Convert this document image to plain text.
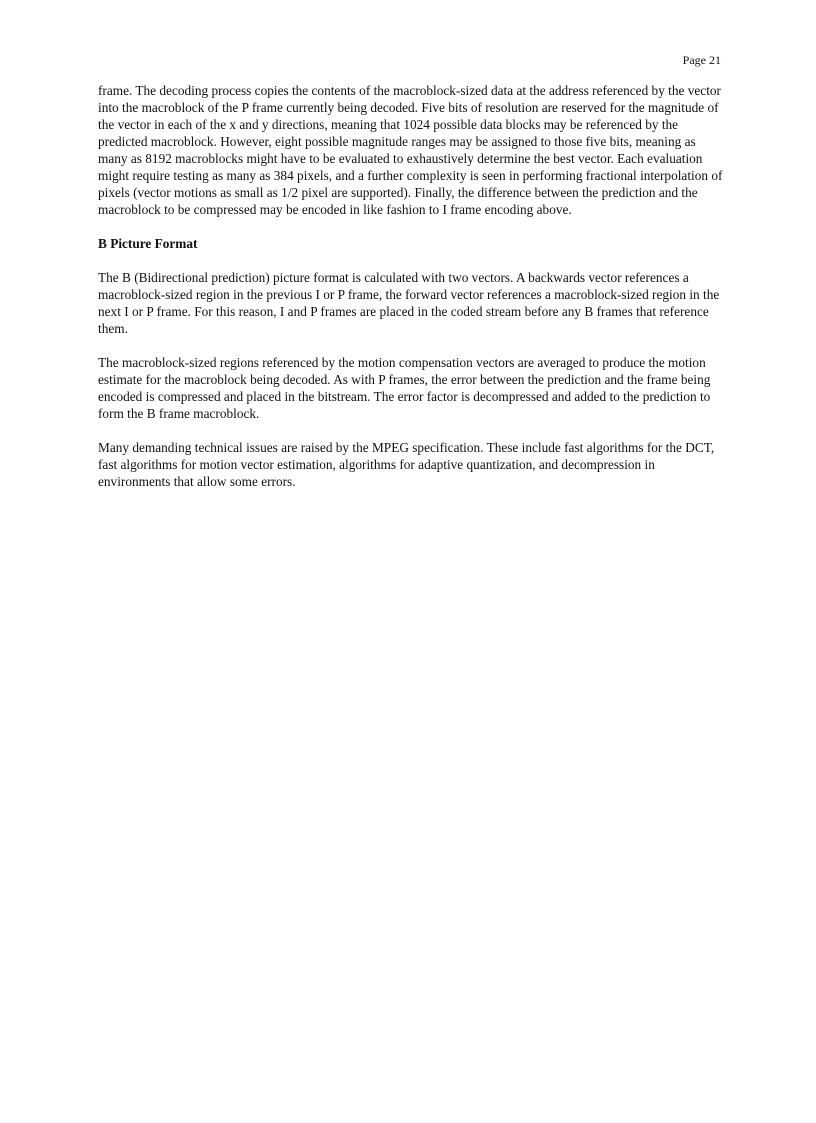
Page 21

frame. The decoding process copies the contents of the macroblock-sized data at the address referenced by the vector into the macroblock of the P frame currently being decoded. Five bits of resolution are reserved for the magnitude of the vector in each of the x and y directions, meaning that 1024 possible data blocks may be referenced by the predicted macroblock. However, eight possible magnitude ranges may be assigned to those five bits, meaning as many as 8192 macroblocks might have to be evaluated to exhaustively determine the best vector. Each evaluation might require testing as many as 384 pixels, and a further complexity is seen in performing fractional interpolation of pixels (vector motions as small as 1/2 pixel are supported). Finally, the difference between the prediction and the macroblock to be compressed may be encoded in like fashion to I frame encoding above.

B Picture Format

The B (Bidirectional prediction) picture format is calculated with two vectors. A backwards vector references a macroblock-sized region in the previous I or P frame, the forward vector references a macroblock-sized region in the next I or P frame. For this reason, I and P frames are placed in the coded stream before any B frames that reference them.

The macroblock-sized regions referenced by the motion compensation vectors are averaged to produce the motion estimate for the macroblock being decoded. As with P frames, the error between the prediction and the frame being encoded is compressed and placed in the bitstream. The error factor is decompressed and added to the prediction to form the B frame macroblock.

Many demanding technical issues are raised by the MPEG specification. These include fast algorithms for the DCT, fast algorithms for motion vector estimation, algorithms for adaptive quantization, and decompression in environments that allow some errors.
